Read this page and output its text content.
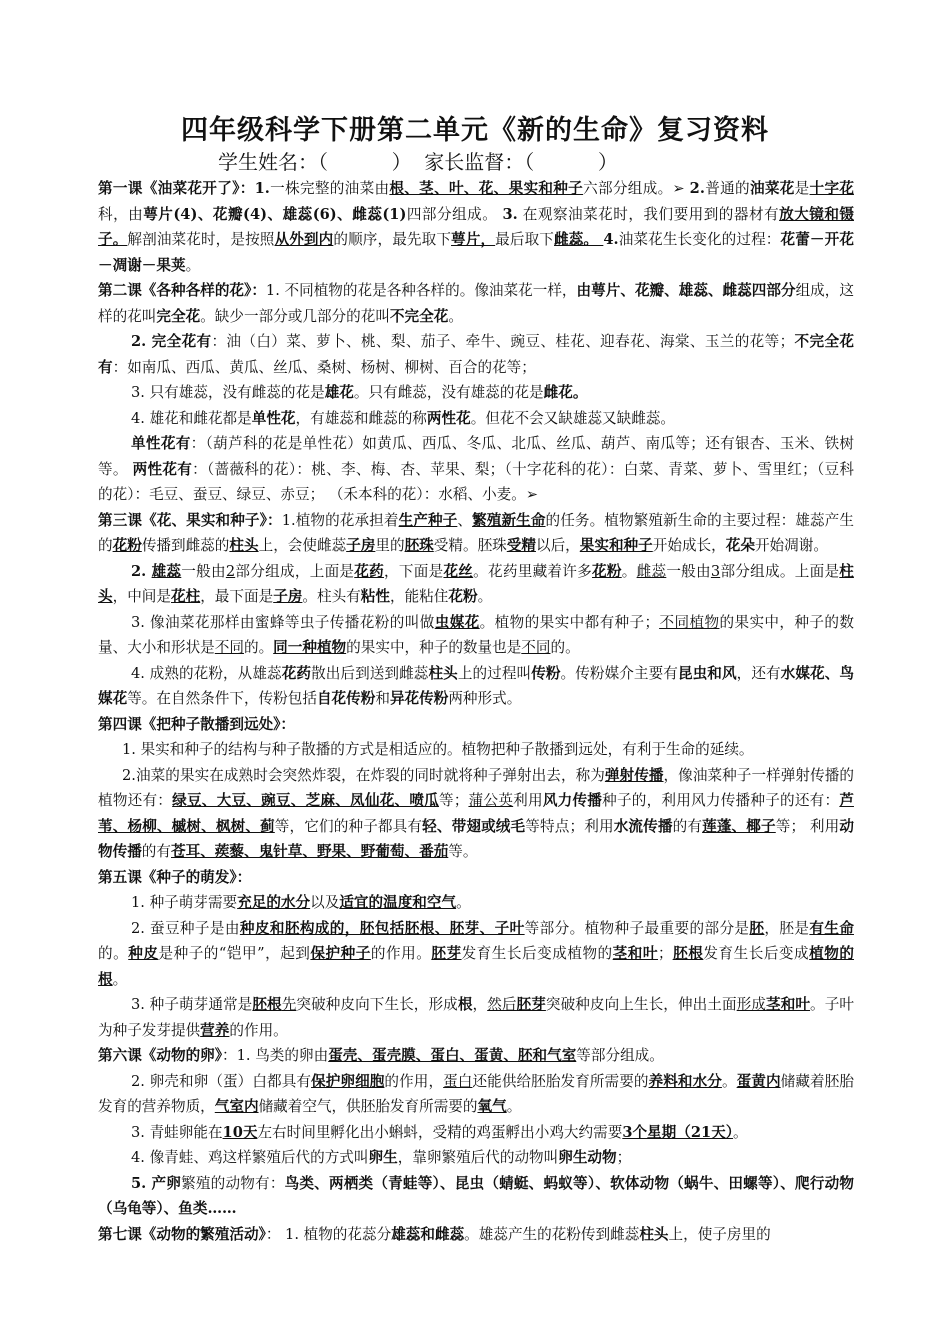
四年级科学下册第二单元《新的生命》复习资料
学生姓名：（          ）  家长监督：（          ）

第一课《油菜花开了》：1.一株完整的油菜由根、茎、叶、花、果实和种子六部分组成。➢ 2.普通的油菜花是十字花科，由萼片(4)、花瓣(4)、雄蕊(6)、雌蕊(1)四部分组成。 3. 在观察油菜花时，我们要用到的器材有放大镜和镊子。解剖油菜花时，是按照从外到内的顺序，最先取下萼片，最后取下雌蕊。 4.油菜花生长变化的过程：花蕾－开花－凋谢－果荚。

第二课《各种各样的花》：1. 不同植物的花是各种各样的。像油菜花一样，由萼片、花瓣、雄蕊、雌蕊四部分组成，这样的花叫完全花。缺少一部分或几部分的花叫不完全花。

2. 完全花有：油（白）菜、萝卜、桃、梨、茄子、牵牛、豌豆、桂花、迎春花、海棠、玉兰的花等；不完全花有：如南瓜、西瓜、黄瓜、丝瓜、桑树、杨树、柳树、百合的花等；

3. 只有雄蕊，没有雌蕊的花是雄花。只有雌蕊，没有雄蕊的花是雌花。

4. 雄花和雌花都是单性花，有雄蕊和雌蕊的称两性花。但花不会又缺雄蕊又缺雌蕊。

单性花有：（葫芦科的花是单性花）如黄瓜、西瓜、冬瓜、北瓜、丝瓜、葫芦、南瓜等；还有银杏、玉米、铁树等。 两性花有：（蔷薇科的花）：桃、李、梅、杏、苹果、梨；（十字花科的花）：白菜、青菜、萝卜、雪里红；（豆科的花）：毛豆、蚕豆、绿豆、赤豆； （禾本科的花）：水稻、小麦。➢

第三课《花、果实和种子》：1.植物的花承担着生产种子、繁殖新生命的任务。植物繁殖新生命的主要过程：雄蕊产生的花粉传播到雌蕊的柱头上，会使雌蕊子房里的胚珠受精。胚珠受精以后，果实和种子开始成长，花朵开始凋谢。

2. 雄蕊一般由2部分组成，上面是花药，下面是花丝。花药里藏着许多花粉。雌蕊一般由3部分组成。上面是柱头，中间是花柱，最下面是子房。柱头有粘性，能粘住花粉。

3. 像油菜花那样由蜜蜂等虫子传播花粉的叫做虫媒花。植物的果实中都有种子；不同植物的果实中，种子的数量、大小和形状是不同的。同一种植物的果实中，种子的数量也是不同的。

4. 成熟的花粉，从雄蕊花药散出后到送到雌蕊柱头上的过程叫传粉。传粉媒介主要有昆虫和风，还有水媒花、鸟媒花等。在自然条件下，传粉包括自花传粉和异花传粉两种形式。

第四课《把种子散播到远处》：

1. 果实和种子的结构与种子散播的方式是相适应的。植物把种子散播到远处，有利于生命的延续。

2.油菜的果实在成熟时会突然炸裂，在炸裂的同时就将种子弹射出去，称为弹射传播，像油菜种子一样弹射传播的植物还有：绿豆、大豆、豌豆、芝麻、凤仙花、喷瓜等；蒲公英利用风力传播种子的，利用风力传播种子的还有：芦苇、杨柳、槭树、枫树、蓟等，它们的种子都具有轻、带翅或绒毛等特点；利用水流传播的有莲蓬、椰子等； 利用动物传播的有苍耳、蒺藜、鬼针草、野果、野葡萄、番茄等。

第五课《种子的萌发》：

1. 种子萌芽需要充足的水分以及适宜的温度和空气。

2. 蚕豆种子是由种皮和胚构成的，胚包括胚根、胚芽、子叶等部分。植物种子最重要的部分是胚，胚是有生命的。种皮是种子的“铠甲”，起到保护种子的作用。胚芽发育生长后变成植物的茎和叶；胚根发育生长后变成植物的根。

3. 种子萌芽通常是胚根先突破种皮向下生长，形成根，然后胚芽突破种皮向上生长，伸出土面形成茎和叶。子叶为种子发芽提供营养的作用。

第六课《动物的卵》：1. 鸟类的卵由蛋壳、蛋壳膜、蛋白、蛋黄、胚和气室等部分组成。

2. 卵壳和卵（蛋）白都具有保护卵细胞的作用，蛋白还能供给胚胎发育所需要的养料和水分。蛋黄内储藏着胚胎发育的营养物质，气室内储藏着空气，供胚胎发育所需要的氧气。

3. 青蛙卵能在10天左右时间里孵化出小蝌蚪，受精的鸡蛋孵出小鸡大约需要3个星期（21天）。

4. 像青蛙、鸡这样繁殖后代的方式叫卵生，靠卵繁殖后代的动物叫卵生动物；

5. 产卵繁殖的动物有：鸟类、两栖类（青蛙等）、昆虫（蜻蜓、蚂蚁等）、软体动物（蜗牛、田螺等）、爬行动物（乌龟等）、鱼类……

第七课《动物的繁殖活动》： 1. 植物的花蕊分雄蕊和雌蕊。雄蕊产生的花粉传到雌蕊柱头上，使子房里的
